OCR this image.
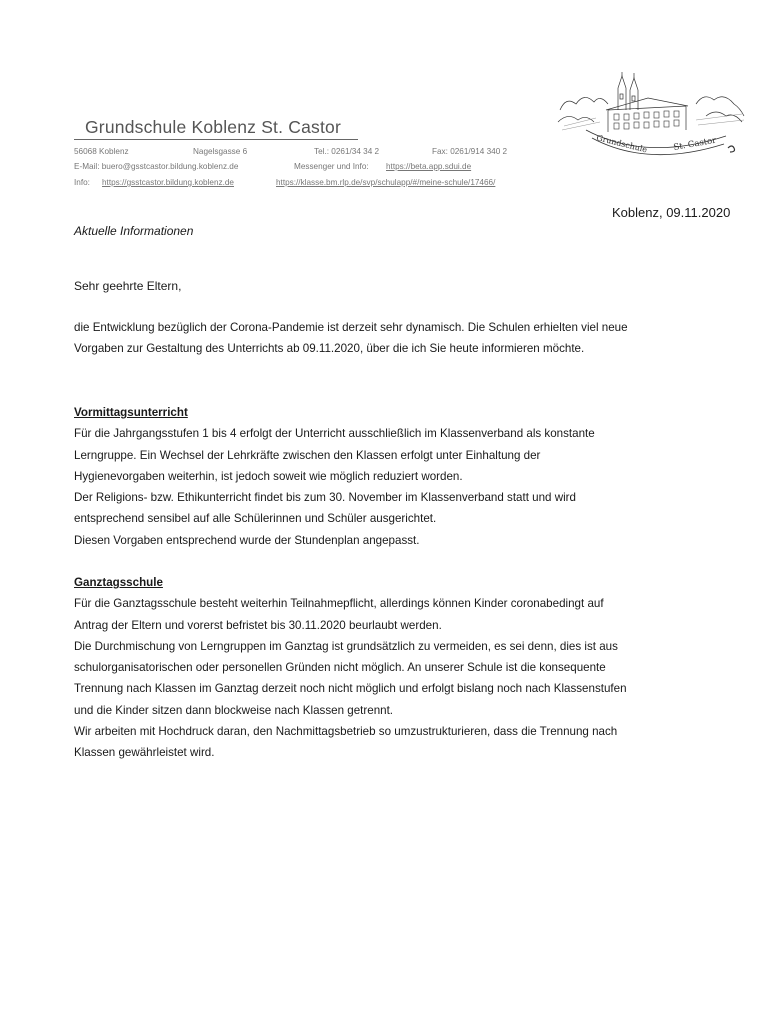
Grundschule Koblenz St. Castor
56068 Koblenz	Nagelsgasse 6	Tel.: 0261/34 34 2	Fax: 0261/914 340 2
E-Mail: buero@gsstcastor.bildung.koblenz.de	Messenger und Info: https://beta.app.sdui.de
Info: https://gsstcastor.bildung.koblenz.de	https://klasse.bm.rlp.de/svp/schulapp/#/meine-schule/17466/
Grundschule	St. Castor
Koblenz, 09.11.2020
Aktuelle Informationen
Sehr geehrte Eltern,

die Entwicklung bezüglich der Corona-Pandemie ist derzeit sehr dynamisch. Die Schulen erhielten viel neue

Vorgaben zur Gestaltung des Unterrichts ab 09.11.2020, über die ich Sie heute informieren möchte.

Vormittagsunterricht

Für die Jahrgangsstufen 1 bis 4 erfolgt der Unterricht ausschließlich im Klassenverband als konstante

Lerngruppe. Ein Wechsel der Lehrkräfte zwischen den Klassen erfolgt unter Einhaltung der

Hygienevorgaben weiterhin, ist jedoch soweit wie möglich reduziert worden.

Der Religions- bzw. Ethikunterricht findet bis zum 30. November im Klassenverband statt und wird

entsprechend sensibel auf alle Schülerinnen und Schüler ausgerichtet.

Diesen Vorgaben entsprechend wurde der Stundenplan angepasst.

Ganztagsschule

Für die Ganztagsschule besteht weiterhin Teilnahmepflicht, allerdings können Kinder coronabedingt auf

Antrag der Eltern und vorerst befristet bis 30.11.2020 beurlaubt werden.

Die Durchmischung von Lerngruppen im Ganztag ist grundsätzlich zu vermeiden, es sei denn, dies ist aus

schulorganisatorischen oder personellen Gründen nicht möglich. An unserer Schule ist die konsequente

Trennung nach Klassen im Ganztag derzeit noch nicht möglich und erfolgt bislang noch nach Klassenstufen

und die Kinder sitzen dann blockweise nach Klassen getrennt.

Wir arbeiten mit Hochdruck daran, den Nachmittagsbetrieb so umzustrukturieren, dass die Trennung nach

Klassen gewährleistet wird.
